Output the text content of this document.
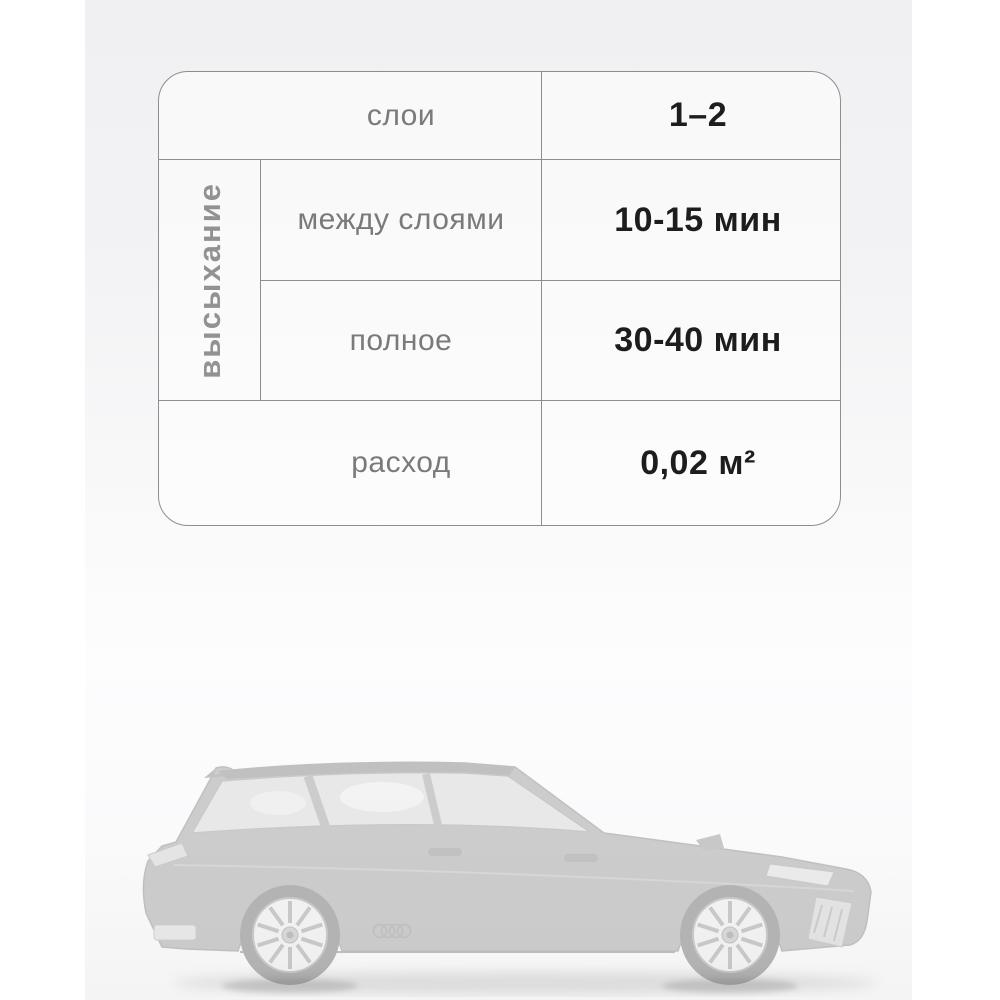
слои	1–2
высыхание	между слоями	10-15 мин
полное	30-40 мин
расход	0,02 м²
